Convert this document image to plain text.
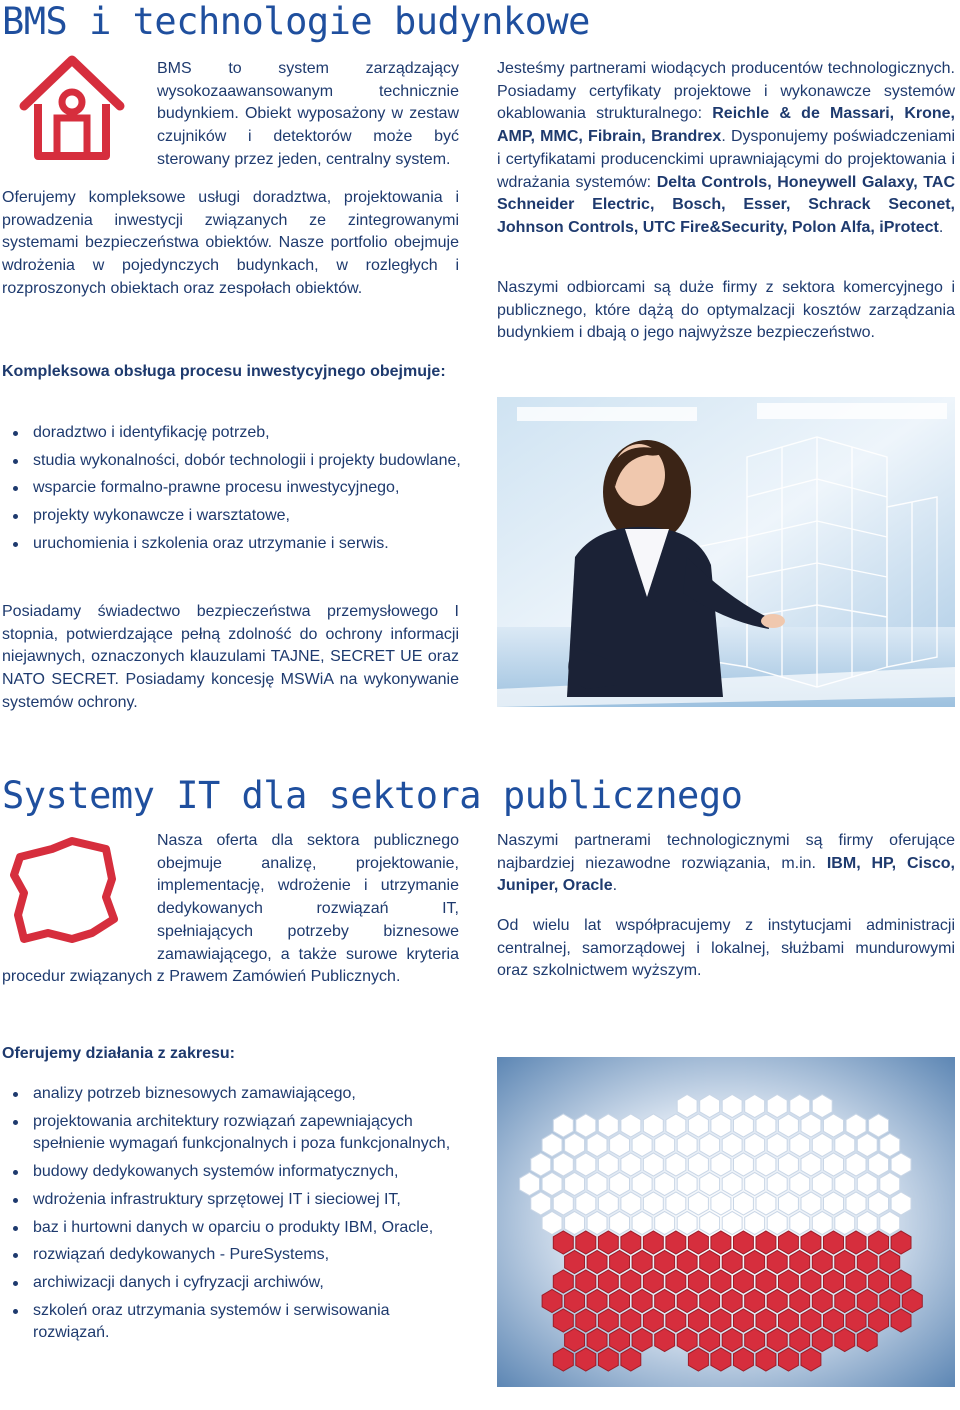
BMS i technologie budynkowe

BMS to system zarządzający wysokozaawansowanym technicznie budynkiem. Obiekt wyposażony w zestaw czujników i detektorów może być sterowany przez jeden, centralny system.

Oferujemy kompleksowe usługi doradztwa, projektowania i prowadzenia inwestycji związanych ze zintegrowanymi systemami bezpieczeństwa obiektów. Nasze portfolio obejmuje wdrożenia w pojedynczych budynkach, w rozległych i rozproszonych obiektach oraz zespołach obiektów.

Kompleksowa obsługa procesu inwestycyjnego obejmuje:

doradztwo i identyfikację potrzeb,
studia wykonalności, dobór technologii i projekty budowlane,
wsparcie formalno-prawne procesu inwestycyjnego,
projekty wykonawcze i warsztatowe,
uruchomienia i szkolenia oraz utrzymanie i serwis.

Posiadamy świadectwo bezpieczeństwa przemysłowego I stopnia, potwierdzające pełną zdolność do ochrony informacji niejawnych, oznaczonych klauzulami TAJNE, SECRET UE oraz NATO SECRET. Posiadamy koncesję MSWiA na wykonywanie systemów ochrony.

Jesteśmy partnerami wiodących producentów technologicznych. Posiadamy certyfikaty projektowe i wykonawcze systemów okablowania strukturalnego: Reichle & de Massari, Krone, AMP, MMC, Fibrain, Brandrex. Dysponujemy poświadczeniami i certyfikatami producenckimi uprawniającymi do projektowania i wdrażania systemów: Delta Controls, Honeywell Galaxy, TAC Schneider Electric, Bosch, Esser, Schrack Seconet, Johnson Controls, UTC Fire&Security, Polon Alfa, iProtect.

Naszymi odbiorcami są duże firmy z sektora komercyjnego i publicznego, które dążą do optymalzacji kosztów zarządzania budynkiem i dbają o jego najwyższe bezpieczeństwo.

Systemy IT dla sektora publicznego

Nasza oferta dla sektora publicznego obejmuje analizę, projektowanie, implementację, wdrożenie i utrzymanie dedykowanych rozwiązań IT, spełniających potrzeby biznesowe zamawiającego, a także surowe kryteria procedur związanych z Prawem Zamówień Publicznych.

Oferujemy działania z zakresu:

analizy potrzeb biznesowych zamawiającego,
projektowania architektury rozwiązań zapewniających spełnienie wymagań funkcjonalnych i poza funkcjonalnych,
budowy dedykowanych systemów informatycznych,
wdrożenia infrastruktury sprzętowej IT i sieciowej IT,
baz i hurtowni danych w oparciu o produkty IBM, Oracle,
rozwiązań dedykowanych - PureSystems,
archiwizacji danych i cyfryzacji archiwów,
szkoleń oraz utrzymania systemów i serwisowania rozwiązań.

Naszymi partnerami technologicznymi są firmy oferujące najbardziej niezawodne rozwiązania, m.in. IBM, HP, Cisco, Juniper, Oracle.

Od wielu lat współpracujemy z instytucjami administracji centralnej, samorządowej i lokalnej, służbami mundurowymi oraz szkolnictwem wyższym.
